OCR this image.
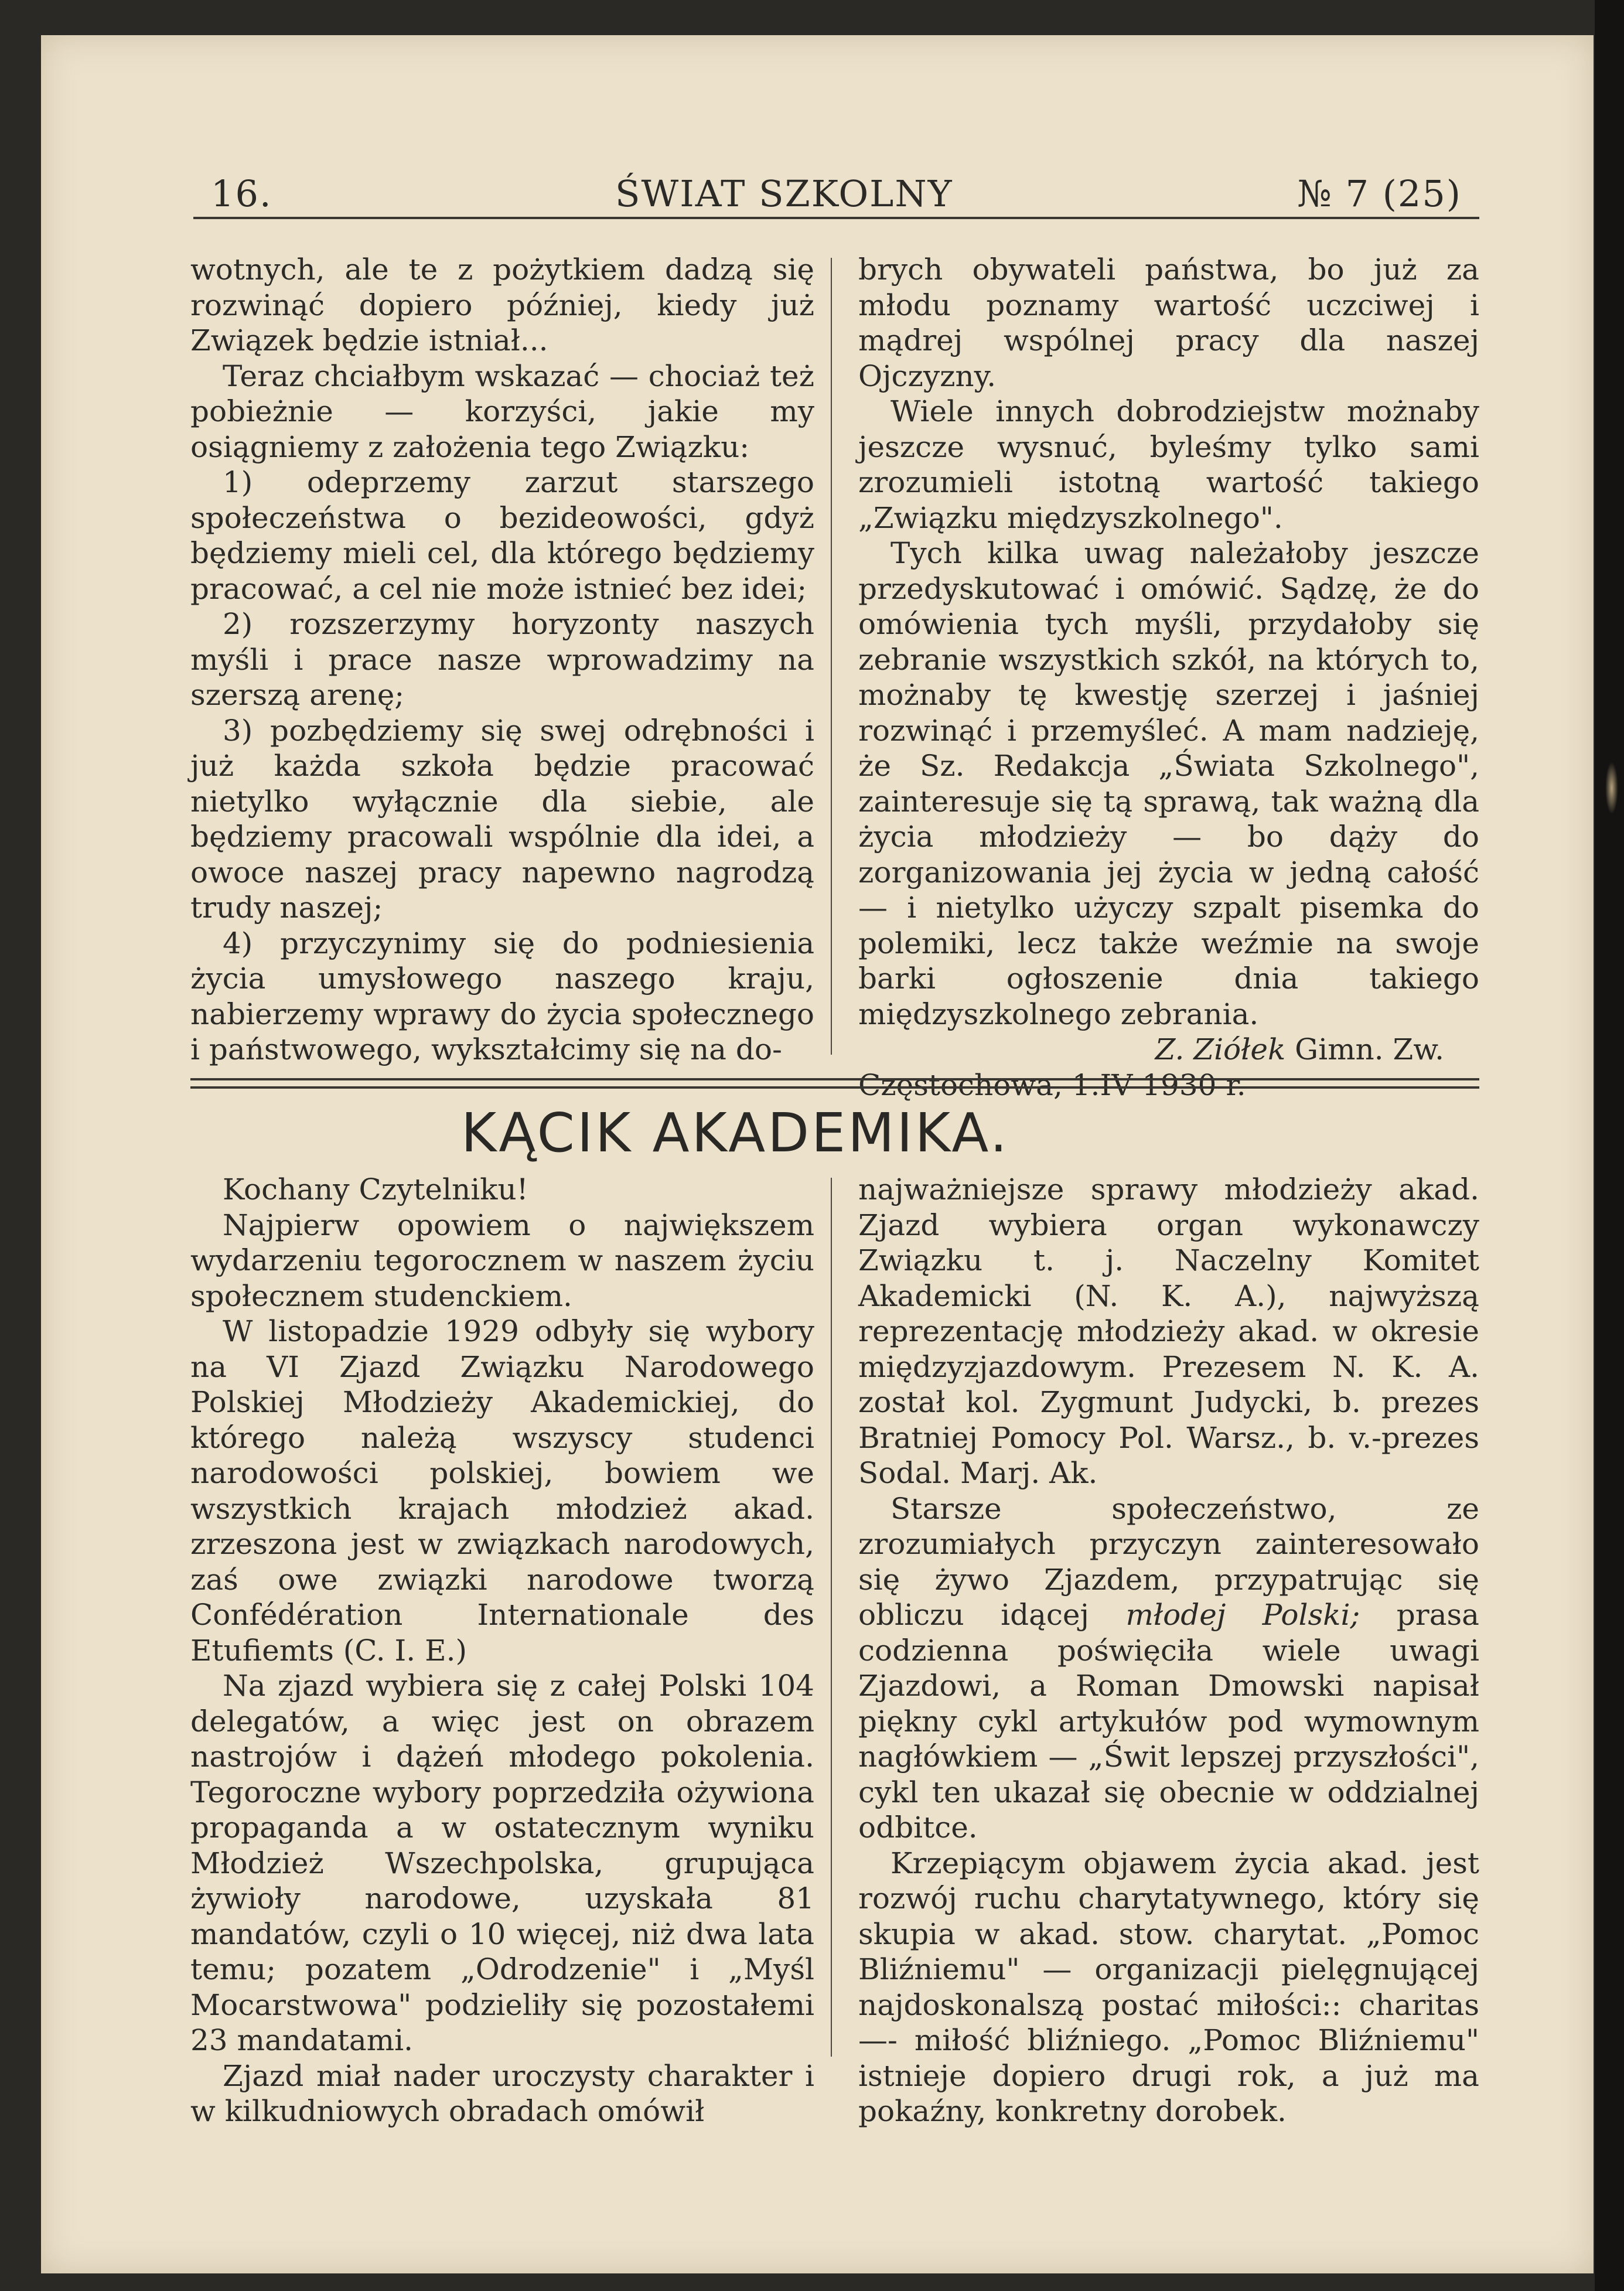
16.	ŚWIAT SZKOLNY	№ 7 (25)

wotnych, ale te z pożytkiem dadzą się rozwinąć dopiero później, kiedy już Związek będzie istniał...

Teraz chciałbym wskazać — chociaż też pobieżnie — korzyści, jakie my osiągniemy z założenia tego Związku:

1) odeprzemy zarzut starszego społeczeństwa o bezideowości, gdyż będziemy mieli cel, dla którego będziemy pracować, a cel nie może istnieć bez idei;

2) rozszerzymy horyzonty naszych myśli i prace nasze wprowadzimy na szerszą arenę;

3) pozbędziemy się swej odrębności i już każda szkoła będzie pracować nietylko wyłącznie dla siebie, ale będziemy pracowali wspólnie dla idei, a owoce naszej pracy napewno nagrodzą trudy naszej;

4) przyczynimy się do podniesienia życia umysłowego naszego kraju, nabierzemy wprawy do życia społecznego i państwowego, wykształcimy się na do-

brych obywateli państwa, bo już za młodu poznamy wartość uczciwej i mądrej wspólnej pracy dla naszej Ojczyzny.

Wiele innych dobrodziejstw możnaby jeszcze wysnuć, byleśmy tylko sami zrozumieli istotną wartość takiego „Związku międzyszkolnego".

Tych kilka uwag należałoby jeszcze przedyskutować i omówić. Sądzę, że do omówienia tych myśli, przydałoby się zebranie wszystkich szkół, na których to, możnaby tę kwestję szerzej i jaśniej rozwinąć i przemyśleć. A mam nadzieję, że Sz. Redakcja „Świata Szkolnego", zainteresuje się tą sprawą, tak ważną dla życia młodzieży — bo dąży do zorganizowania jej życia w jedną całość — i nietylko użyczy szpalt pisemka do polemiki, lecz także weźmie na swoje barki ogłoszenie dnia takiego międzyszkolnego zebrania.

Z. Ziółek Gimn. Zw.

Częstochowa, 1.IV 1930 r.

KĄCIK AKADEMIKA.

Kochany Czytelniku!

Najpierw opowiem o największem wydarzeniu tegorocznem w naszem życiu społecznem studenckiem.

W listopadzie 1929 odbyły się wybory na VI Zjazd Związku Narodowego Polskiej Młodzieży Akademickiej, do którego należą wszyscy studenci narodowości polskiej, bowiem we wszystkich krajach młodzież akad. zrzeszona jest w związkach narodowych, zaś owe związki narodowe tworzą Confédération Internationale des Etufiemts (C. I. E.)

Na zjazd wybiera się z całej Polski 104 delegatów, a więc jest on obrazem nastrojów i dążeń młodego pokolenia. Tegoroczne wybory poprzedziła ożywiona propaganda a w ostatecznym wyniku Młodzież Wszechpolska, grupująca żywioły narodowe, uzyskała 81 mandatów, czyli o 10 więcej, niż dwa lata temu; pozatem „Odrodzenie" i „Myśl Mocarstwowa" podzieliły się pozostałemi 23 mandatami.

Zjazd miał nader uroczysty charakter i w kilkudniowych obradach omówił

najważniejsze sprawy młodzieży akad. Zjazd wybiera organ wykonawczy Związku t. j. Naczelny Komitet Akademicki (N. K. A.), najwyższą reprezentację młodzieży akad. w okresie międzyzjazdowym. Prezesem N. K. A. został kol. Zygmunt Judycki, b. prezes Bratniej Pomocy Pol. Warsz., b. v.-prezes Sodal. Marj. Ak.

Starsze społeczeństwo, ze zrozumiałych przyczyn zainteresowało się żywo Zjazdem, przypatrując się obliczu idącej młodej Polski; prasa codzienna poświęciła wiele uwagi Zjazdowi, a Roman Dmowski napisał piękny cykl artykułów pod wymownym nagłówkiem — „Świt lepszej przyszłości", cykl ten ukazał się obecnie w oddzialnej odbitce.

Krzepiącym objawem życia akad. jest rozwój ruchu charytatywnego, który się skupia w akad. stow. charytat. „Pomoc Bliźniemu" — organizacji pielęgnującej najdoskonalszą postać miłości:: charitas —- miłość bliźniego. „Pomoc Bliźniemu" istnieje dopiero drugi rok, a już ma pokaźny, konkretny dorobek.
